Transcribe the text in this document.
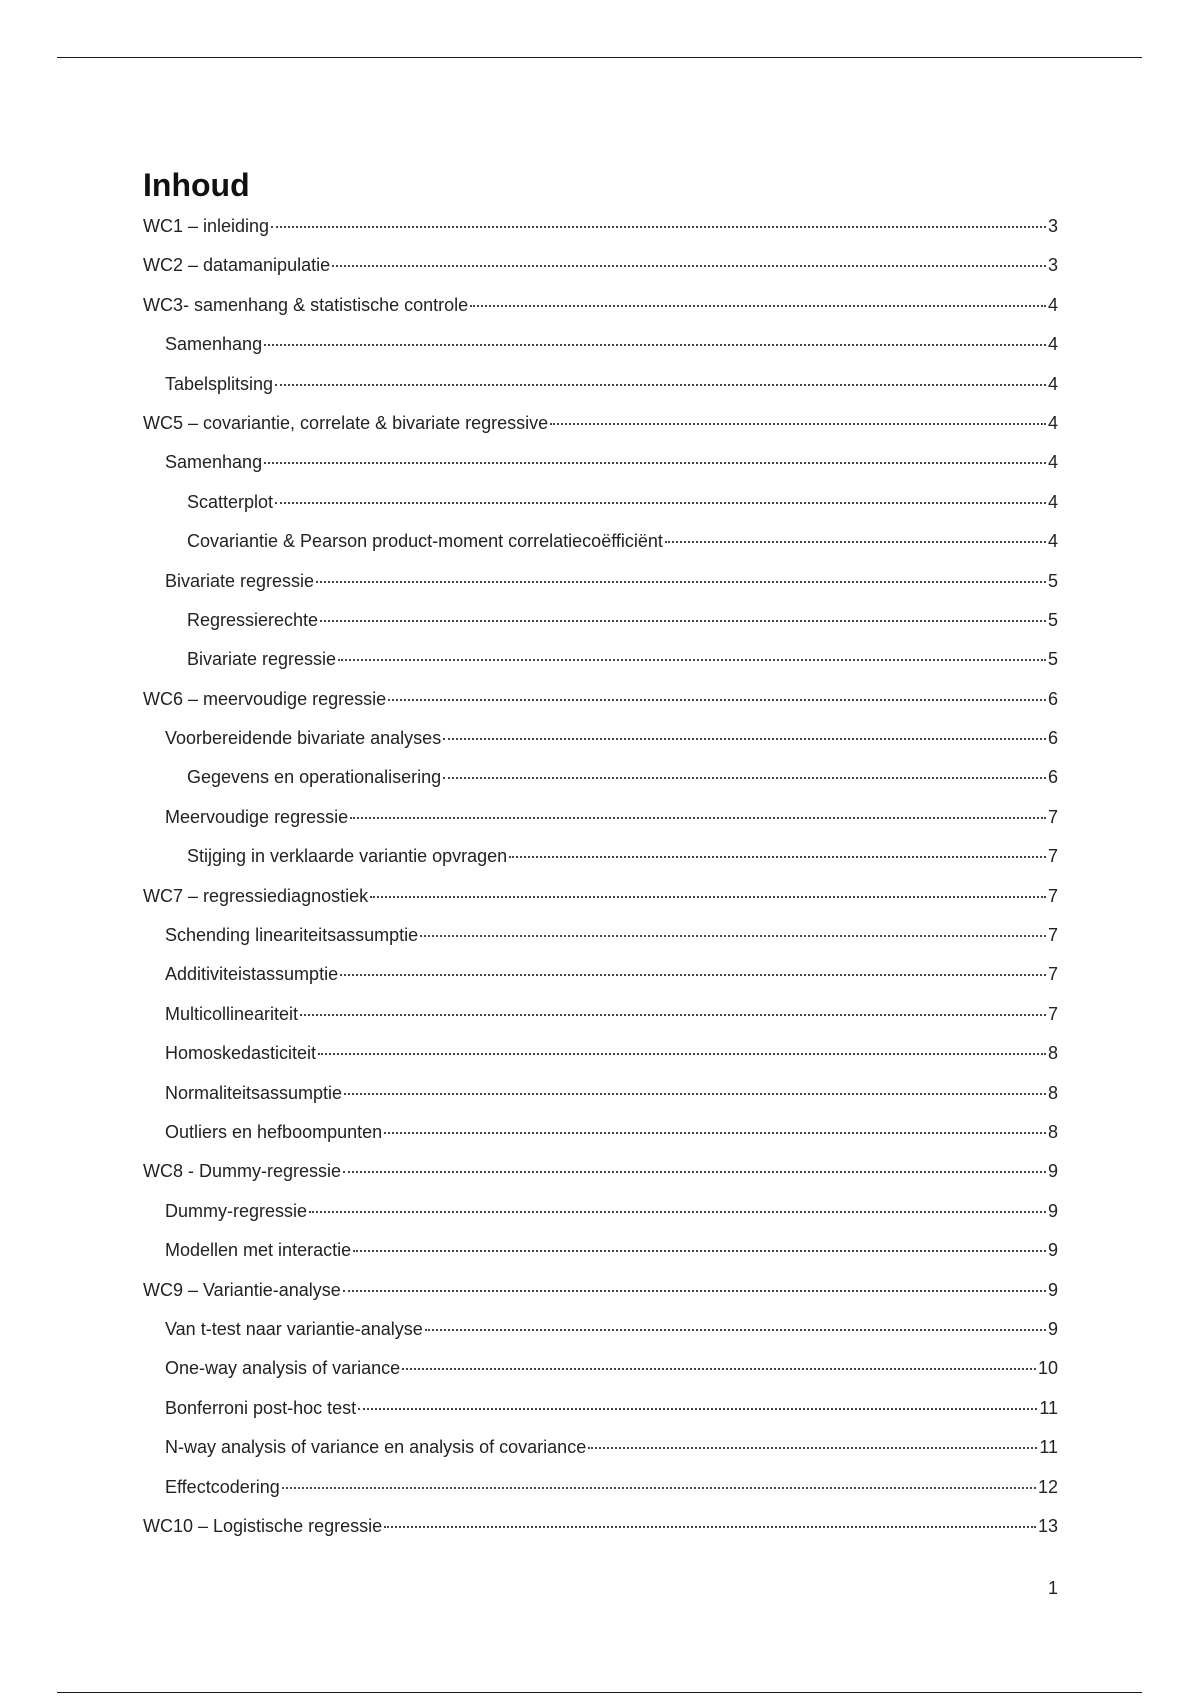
Inhoud
WC1 – inleiding	3
WC2 – datamanipulatie	3
WC3- samenhang & statistische controle	4
Samenhang	4
Tabelsplitsing	4
WC5 – covariantie, correlate & bivariate regressive	4
Samenhang	4
Scatterplot	4
Covariantie & Pearson product-moment correlatiecoëfficiënt	4
Bivariate regressie	5
Regressierechte	5
Bivariate regressie	5
WC6 – meervoudige regressie	6
Voorbereidende bivariate analyses	6
Gegevens en operationalisering	6
Meervoudige regressie	7
Stijging in verklaarde variantie opvragen	7
WC7 – regressiediagnostiek	7
Schending lineariteitsassumptie	7
Additiviteistassumptie	7
Multicollineariteit	7
Homoskedasticiteit	8
Normaliteitsassumptie	8
Outliers en hefboompunten	8
WC8 - Dummy-regressie	9
Dummy-regressie	9
Modellen met interactie	9
WC9 – Variantie-analyse	9
Van t-test naar variantie-analyse	9
One-way analysis of variance	10
Bonferroni post-hoc test	11
N-way analysis of variance en analysis of covariance	11
Effectcodering	12
WC10 – Logistische regressie	13
1
